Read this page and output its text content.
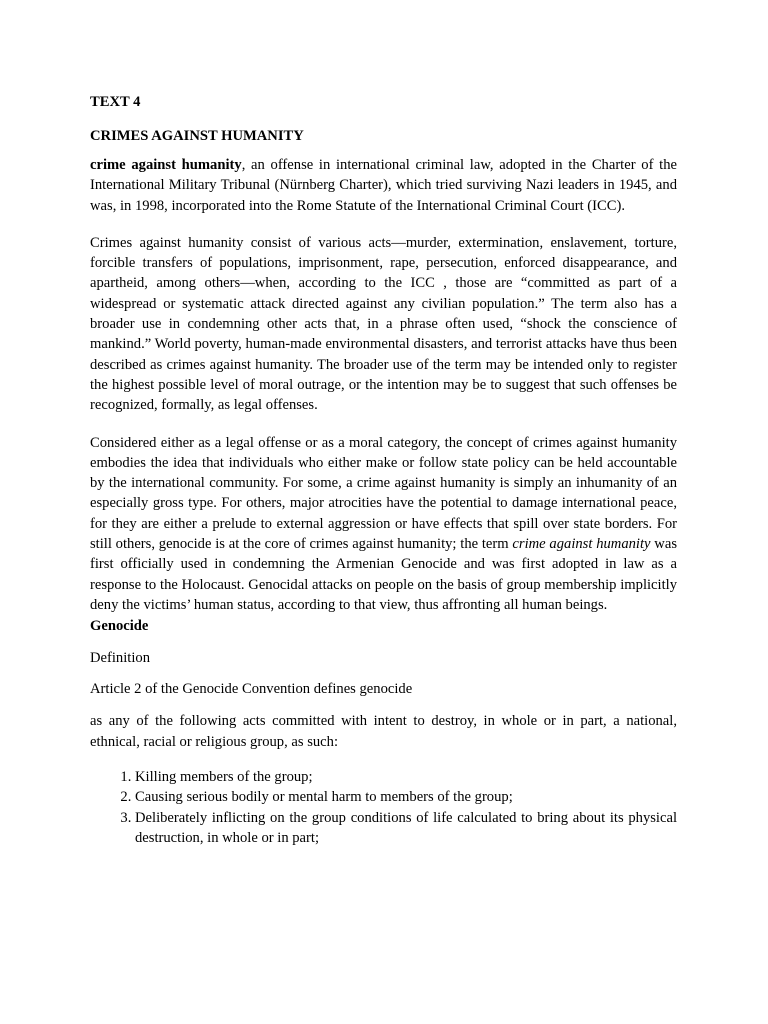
TEXT 4
CRIMES AGAINST HUMANITY

crime against humanity, an offense in international criminal law, adopted in the Charter of the International Military Tribunal (Nürnberg Charter), which tried surviving Nazi leaders in 1945, and was, in 1998, incorporated into the Rome Statute of the International Criminal Court (ICC).

Crimes against humanity consist of various acts—murder, extermination, enslavement, torture, forcible transfers of populations, imprisonment, rape, persecution, enforced disappearance, and apartheid, among others—when, according to the ICC , those are “committed as part of a widespread or systematic attack directed against any civilian population.” The term also has a broader use in condemning other acts that, in a phrase often used, “shock the conscience of mankind.” World poverty, human-made environmental disasters, and terrorist attacks have thus been described as crimes against humanity. The broader use of the term may be intended only to register the highest possible level of moral outrage, or the intention may be to suggest that such offenses be recognized, formally, as legal offenses.

Considered either as a legal offense or as a moral category, the concept of crimes against humanity embodies the idea that individuals who either make or follow state policy can be held accountable by the international community. For some, a crime against humanity is simply an inhumanity of an especially gross type. For others, major atrocities have the potential to damage international peace, for they are either a prelude to external aggression or have effects that spill over state borders. For still others, genocide is at the core of crimes against humanity; the term crime against humanity was first officially used in condemning the Armenian Genocide and was first adopted in law as a response to the Holocaust. Genocidal attacks on people on the basis of group membership implicitly deny the victims’ human status, according to that view, thus affronting all human beings.

Genocide
Definition

Article 2 of the Genocide Convention defines genocide

as any of the following acts committed with intent to destroy, in whole or in part, a national, ethnical, racial or religious group, as such:

1. Killing members of the group;
2. Causing serious bodily or mental harm to members of the group;
3. Deliberately inflicting on the group conditions of life calculated to bring about its physical destruction, in whole or in part;
